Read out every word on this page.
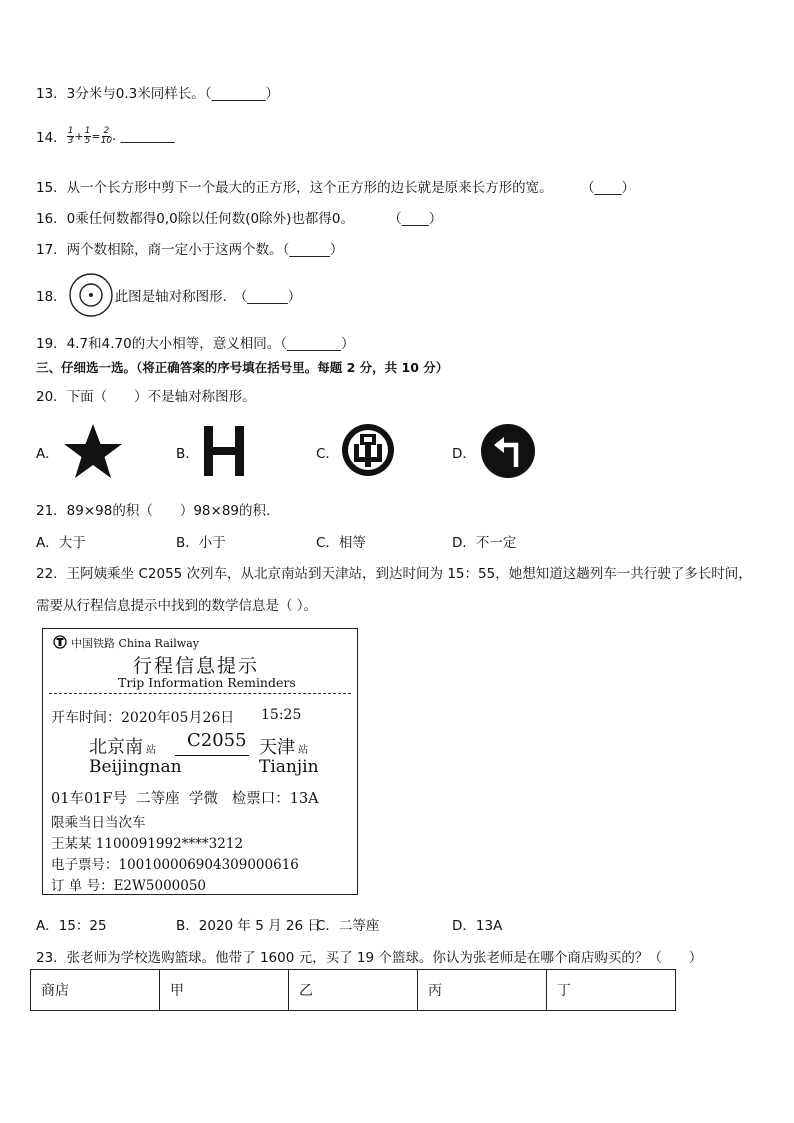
13．3分米与0.3米同样长。（________）
14． $\frac{1}{3} + \frac{1}{5} = \frac{2}{10}$ . ________
15．从一个长方形中剪下一个最大的正方形，这个正方形的边长就是原来长方形的宽。 （____）
16．0乘任何数都得0,0除以任何数(0除外)也都得0。	（____）
17．两个数相除，商一定小于这两个数。（______）
18．	此图是轴对称图形.　（______）
19．4.7和4.70的大小相等，意义相同。（________）
三、仔细选一选。（将正确答案的序号填在括号里。每题 2 分，共 10 分）
20．下面（　　）不是轴对称图形。
A．	B．	C．	D．
21．89×98的积（　　）98×89的积.
A．大于	B．小于	C．相等	D．不一定
22．王阿姨乘坐 C2055 次列车，从北京南站到天津站，到达时间为 15：55，她想知道这趟列车一共行驶了多长时间，
需要从行程信息提示中找到的数学信息是（ ）。
中国铁路 China Railway
行程信息提示
Trip Information Reminders
开车时间：2020年05月26日 15:25
北京南 站 C2055 天津 站
Beijingnan	Tianjin
01车01F号  二等座  学微   检票口：13A
限乘当日当次车
王某某 1100091992****3212
电子票号：10010000690430900061​6
订 单 号：E2W5000050
A．15：25	B．2020 年 5 月 26 日
C．二等座	D．13A
23．张老师为学校选购篮球。他带了 1600 元，买了 19 个篮球。你认为张老师是在哪个商店购买的？（　　）
商店	甲	乙	丙	丁
